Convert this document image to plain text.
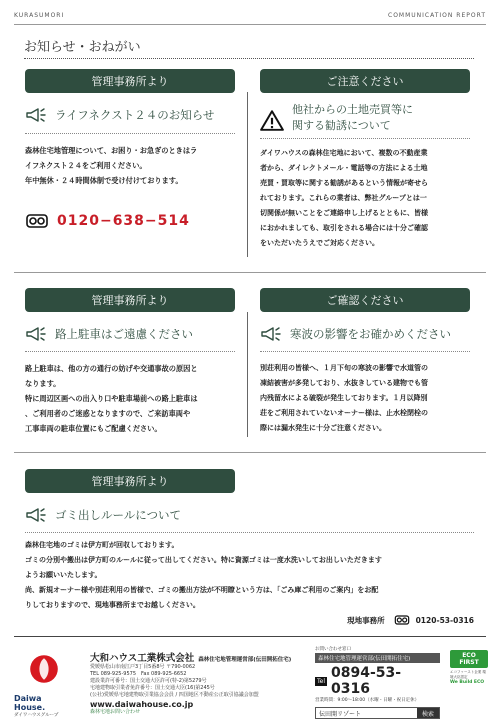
KURASUMORI	COMMUNICATION REPORT
お知らせ・おねがい
管理事務所より
ライフネクスト２４のお知らせ
森林住宅地管理について、お困り・お急ぎのときはラ
イフネクスト２４をご利用ください。
年中無休・２４時間体制で受け付けております。
0120−638−514
ご注意ください
他社からの土地売買等に
関する勧誘について
ダイワハウスの森林住宅地において、複数の不動産業
者から、ダイレクトメール・電話等の方法による土地
売買・買取等に関する勧誘があるという情報が寄せら
れております。これらの業者は、弊社グループとは一
切関係が無いことをご連絡申し上げるとともに、皆様
におかれましても、取引をされる場合には十分ご確認
をいただいたうえでご対応ください。
管理事務所より
路上駐車はご遠慮ください
路上駐車は、他の方の通行の妨げや交通事故の原因と
なります。
特に周辺区画への出入り口や駐車場前への路上駐車は
、ご利用者のご迷惑となりますので、ご来訪車両や
工事車両の駐車位置にもご配慮ください。
ご確認ください
寒波の影響をお確かめください
別荘利用の皆様へ、１月下旬の寒波の影響で水道管の
凍結被害が多発しており、水抜きしている建物でも管
内残留水による破裂が発生しております。１月以降別
荘をご利用されていないオーナー様は、止水栓閉栓の
際には漏水発生に十分ご注意ください。
管理事務所より
ゴミ出しルールについて
森林住宅地のゴミは伊方町が回収しております。
ゴミの分別や搬出は伊方町のルールに従って出してください。特に資源ゴミは一度水洗いしてお出しいただきます
ようお願いいたします。
尚、新規オーナー様や別荘利用の皆様で、ゴミの搬出方法が不明瞭という方は、「ごみ庫ご利用のご案内」をお配
りしておりますので、現地事務所までお越しください。
現地事務所	0120-53-0316
Daiwa House.
ダイワハウスグループ
大和ハウス工業株式会社 森林住宅地管理運営部(伝田開拓住宅)
愛媛県松山市南江戸3丁目5番8号 〒790-0062
TEL 089-925-9575　Fax 089-925-6652
建設業許可番号：国土交通大臣許可(特-2)第5279号
宅地建物取引業者免許番号：国土交通大臣(16)第245号
(公社)愛媛県宅地建物取引業協会会員 / 四国地区不動産公正取引協議会加盟
www.daiwahouse.co.jp
森林宅地お問い合わせ
お問い合わせ窓口
森林住宅地管理運営部(伝田開拓住宅)
Tel 0894-53-0316
営業時間：9:00〜18:00（水曜・日曜・祝日定休）
伝田開リゾート	検索
ECO
FIRST
エコファースト企業 環境大臣認定
We Build ECO
